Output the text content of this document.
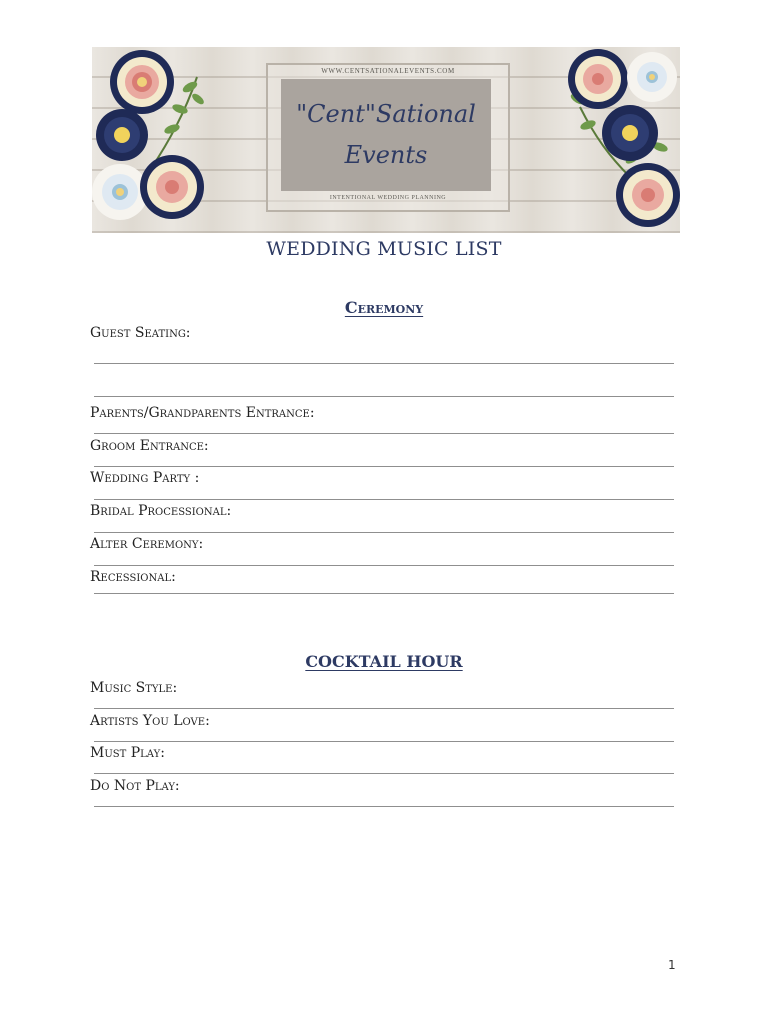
WWW.CENTSATIONALEVENTS.COM
"Cent"Sational
Events
INTENTIONAL WEDDING PLANNING
WEDDING MUSIC LIST
Ceremony
Guest Seating:
Parents/Grandparents Entrance:
Groom Entrance:
Wedding Party :
Bridal Processional:
Alter Ceremony:
Recessional:
COCKTAIL HOUR
Music Style:
Artists You Love:
Must Play:
Do Not Play:
1
